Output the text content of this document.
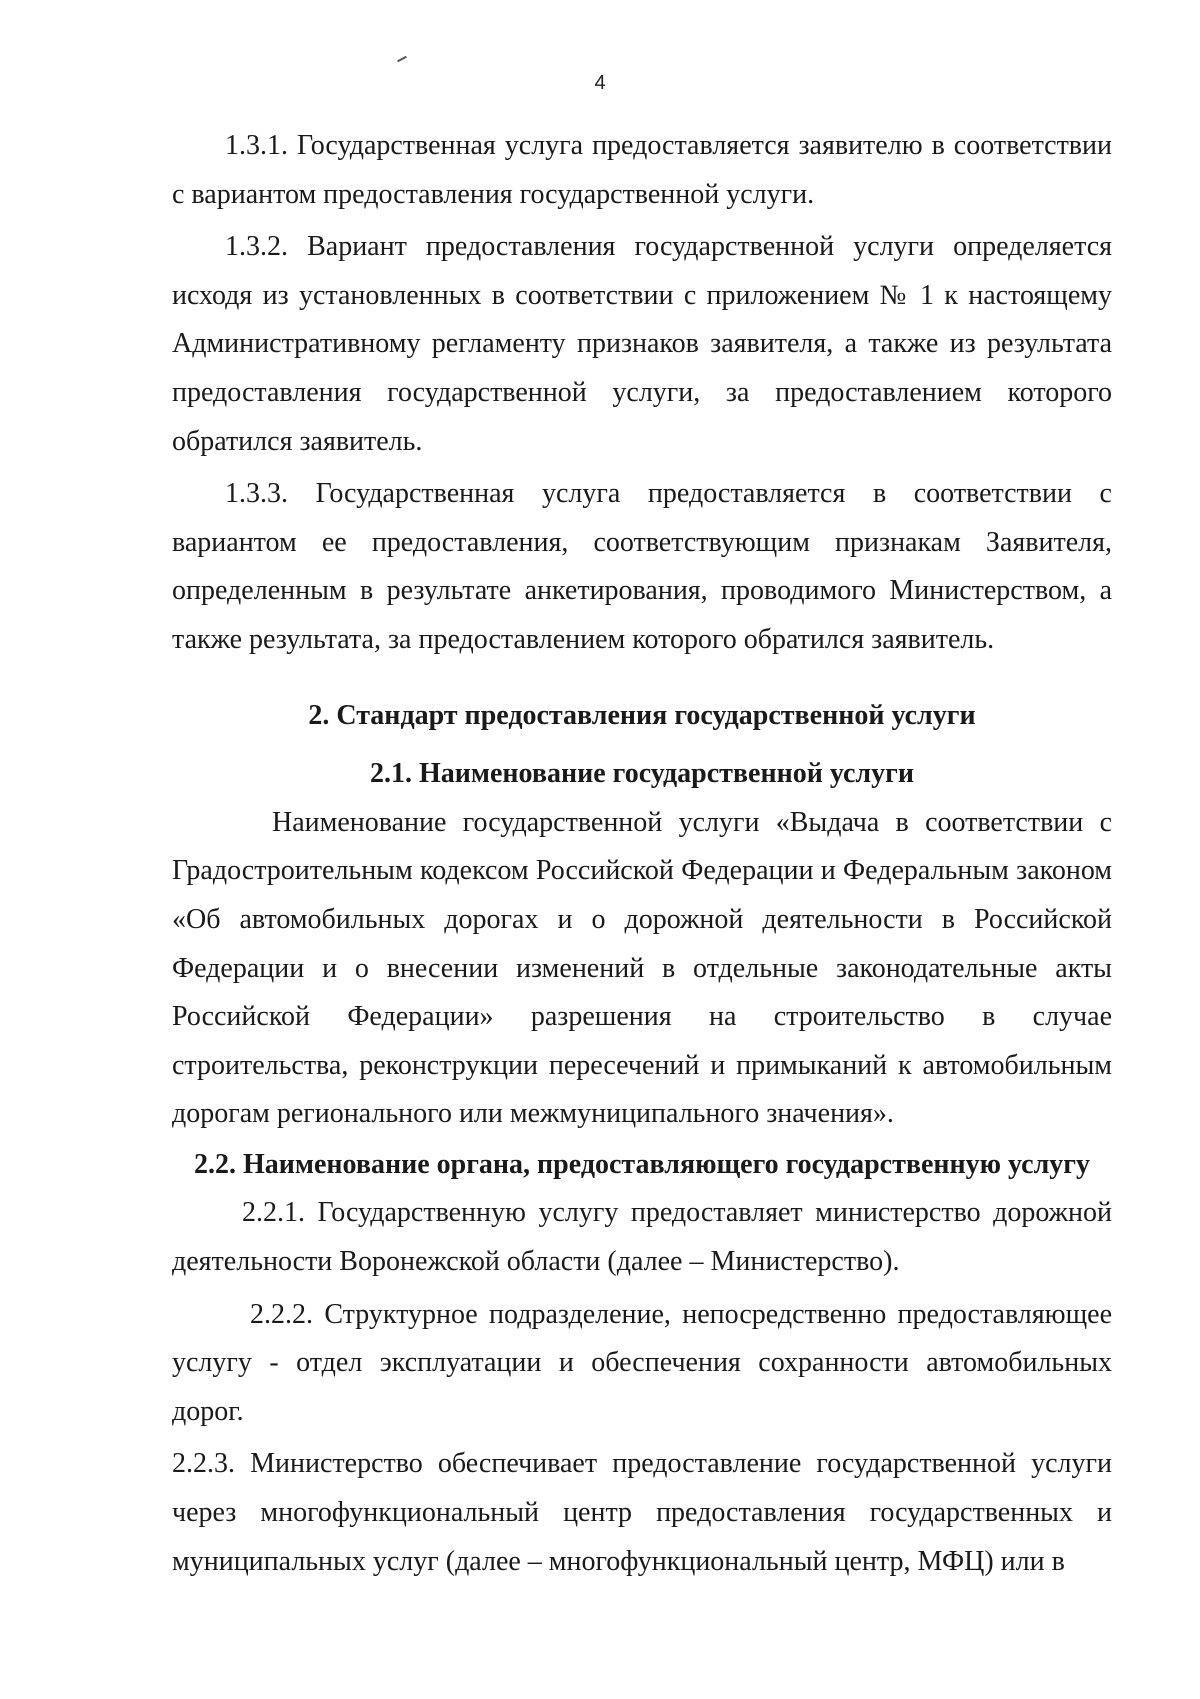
4

1.3.1. Государственная услуга предоставляется заявителю в соответствии с вариантом предоставления государственной услуги.

1.3.2. Вариант предоставления государственной услуги определяется исходя из установленных в соответствии с приложением № 1 к настоящему Административному регламенту признаков заявителя, а также из результата предоставления государственной услуги, за предоставлением которого обратился заявитель.

1.3.3. Государственная услуга предоставляется в соответствии с вариантом ее предоставления, соответствующим признакам Заявителя, определенным в результате анкетирования, проводимого Министерством, а также результата, за предоставлением которого обратился заявитель.

2. Стандарт предоставления государственной услуги
2.1. Наименование государственной услуги

Наименование государственной услуги «Выдача в соответствии с Градостроительным кодексом Российской Федерации и Федеральным законом «Об автомобильных дорогах и о дорожной деятельности в Российской Федерации и о внесении изменений в отдельные законодательные акты Российской Федерации» разрешения на строительство в случае строительства, реконструкции пересечений и примыканий к автомобильным дорогам регионального или межмуниципального значения».

2.2. Наименование органа, предоставляющего государственную услугу

2.2.1. Государственную услугу предоставляет министерство дорожной деятельности Воронежской области (далее – Министерство).

2.2.2. Структурное подразделение, непосредственно предоставляющее услугу - отдел эксплуатации и обеспечения сохранности автомобильных дорог.

2.2.3. Министерство обеспечивает предоставление государственной услуги через многофункциональный центр предоставления государственных и муниципальных услуг (далее – многофункциональный центр, МФЦ) или в
